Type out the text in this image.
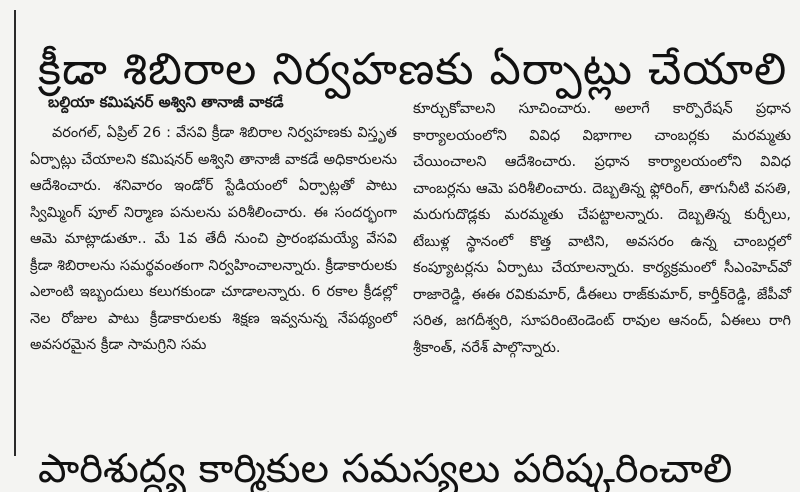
క్రీడా శిబిరాల నిర్వహణకు ఏర్పాట్లు చేయాలి
బల్దియా కమిషనర్ అశ్విని తానాజీ వాకడే

వరంగల్, ఏప్రిల్ 26 : వేసవి క్రీడా శిబిరాల నిర్వహణకు విస్తృత ఏర్పాట్లు చేయాలని కమిషనర్ అశ్విని తానాజీ వాకడే అధికారులను ఆదేశించారు. శనివారం ఇండోర్ స్టేడియంలో ఏర్పాట్లతో పాటు స్విమ్మింగ్ పూల్ నిర్మాణ పనులను పరిశీలించారు. ఈ సందర్భంగా ఆమె మాట్లాడుతూ.. మే 1వ తేదీ నుంచి ప్రారంభమయ్యే వేసవి క్రీడా శిబిరాలను సమర్థవంతంగా నిర్వహించాలన్నారు. క్రీడాకారులకు ఎలాంటి ఇబ్బందులు కలుగకుండా చూడాలన్నారు. 6 రకాల క్రీడల్లో నెల రోజుల పాటు క్రీడాకారులకు శిక్షణ ఇవ్వనున్న నేపథ్యంలో అవసరమైన క్రీడా సామగ్రిని సమ

కూర్చుకోవాలని సూచించారు. అలాగే కార్పొరేషన్ ప్రధాన కార్యాలయంలోని వివిధ విభాగాల చాంబర్లకు మరమ్మతు చేయించాలని ఆదేశించారు. ప్రధాన కార్యాలయంలోని వివిధ చాంబర్లను ఆమె పరిశీలించారు. దెబ్బతిన్న ఫ్లోరింగ్, తాగునీటి వసతి, మరుగుదొడ్లకు మరమ్మతు చేపట్టాలన్నారు. దెబ్బతిన్న కుర్చీలు, టేబుళ్ల స్థానంలో కొత్త వాటిని, అవసరం ఉన్న చాంబర్లలో కంప్యూటర్లను ఏర్పాటు చేయాలన్నారు. కార్యక్రమంలో సీఎంహెచ్‌వో రాజారెడ్డి, ఈఈ రవికుమార్, డీఈలు రాజ్‌కుమార్, కార్తీక్‌రెడ్డి, జేపీవో సరిత, జగదీశ్వరి, సూపరింటెండెంట్ రావుల ఆనంద్, ఏఈలు రాగి శ్రీకాంత్, నరేశ్ పాల్గొన్నారు.

పారిశుద్ధ్య కార్మికుల సమస్యలు పరిష్కరించాలి
